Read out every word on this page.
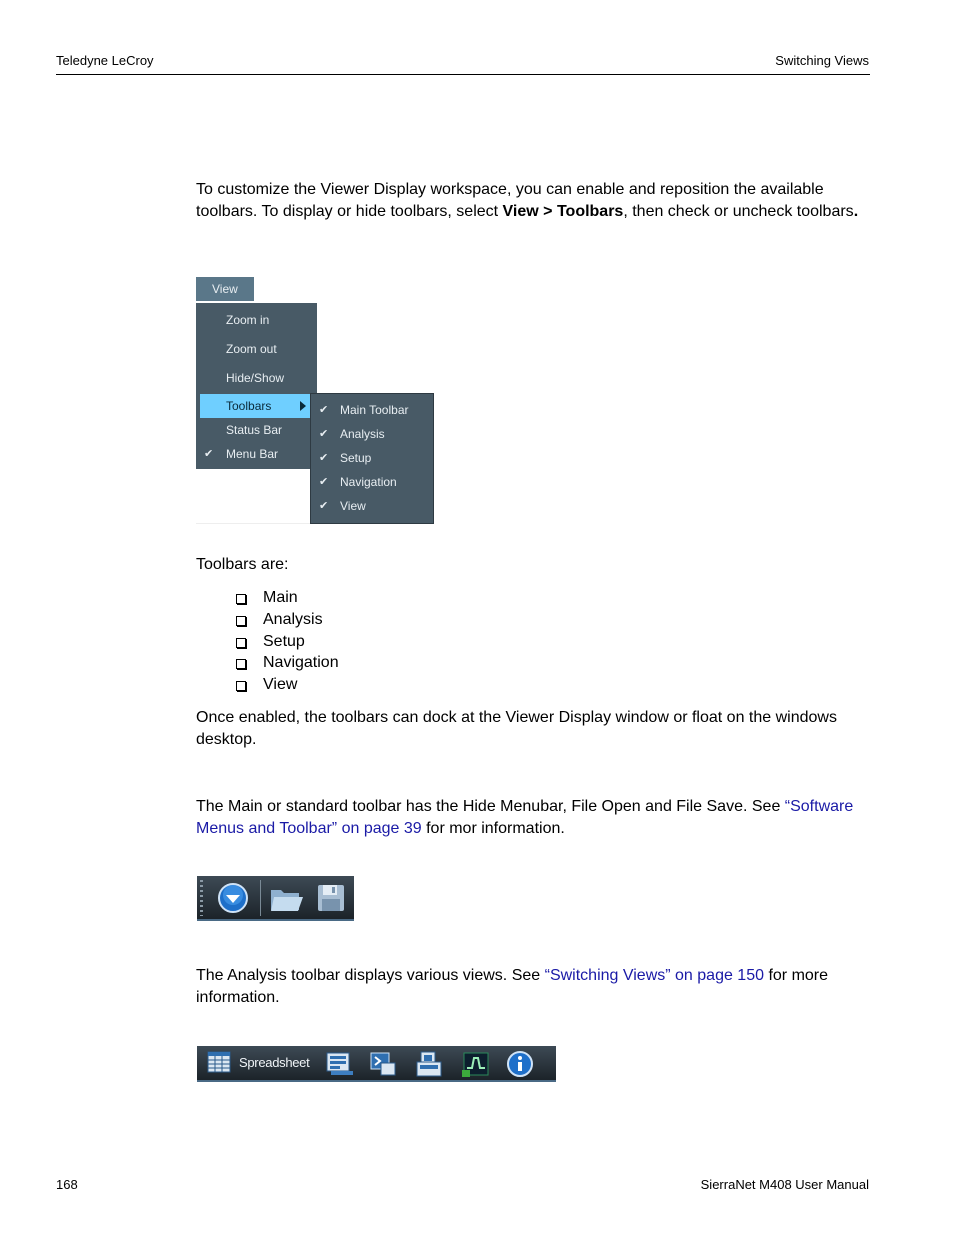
Teledyne LeCroy	Switching Views
To customize the Viewer Display workspace, you can enable and reposition the available toolbars. To display or hide toolbars, select View > Toolbars, then check or uncheck toolbars.
View
Zoom in
Zoom out
Hide/Show
Toolbars
Status Bar
✔ Menu Bar
✔ Main Toolbar
✔ Analysis
✔ Setup
✔ Navigation
✔ View
Toolbars are:
Main
Analysis
Setup
Navigation
View
Once enabled, the toolbars can dock at the Viewer Display window or float on the windows desktop.
The Main or standard toolbar has the Hide Menubar, File Open and File Save. See “Software Menus and Toolbar” on page 39 for mor information.
The Analysis toolbar displays various views. See “Switching Views” on page 150 for more information.
Spreadsheet
168	SierraNet M408 User Manual
